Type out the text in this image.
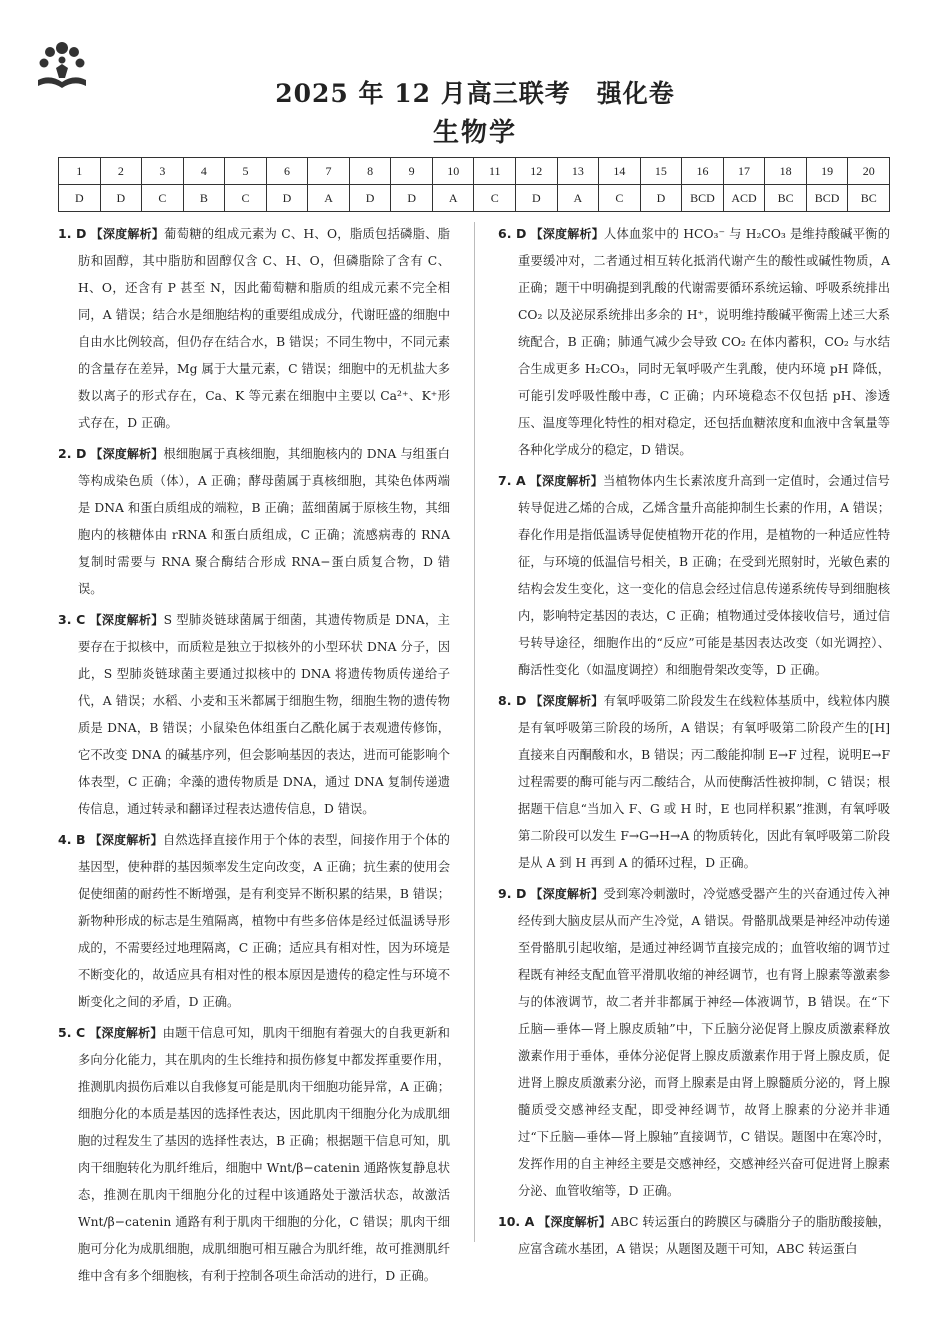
2025 年 12 月高三联考 强化卷
生物学
1	2	3	4	5	6	7	8	9	10	11	12	13	14	15	16	17	18	19	20
D	D	C	B	C	D	A	D	D	A	C	D	A	C	D	BCD	ACD	BC	BCD	BC
1. D 【深度解析】葡萄糖的组成元素为 C、H、O，脂质包括磷脂、脂肪和固醇，其中脂肪和固醇仅含 C、H、O，但磷脂除了含有 C、H、O，还含有 P 甚至 N，因此葡萄糖和脂质的组成元素不完全相同，A 错误；结合水是细胞结构的重要组成成分，代谢旺盛的细胞中自由水比例较高，但仍存在结合水，B 错误；不同生物中，不同元素的含量存在差异，Mg 属于大量元素，C 错误；细胞中的无机盐大多数以离子的形式存在，Ca、K 等元素在细胞中主要以 Ca²⁺、K⁺形式存在，D 正确。
2. D 【深度解析】根细胞属于真核细胞，其细胞核内的 DNA 与组蛋白等构成染色质（体），A 正确；酵母菌属于真核细胞，其染色体两端是 DNA 和蛋白质组成的端粒，B 正确；蓝细菌属于原核生物，其细胞内的核糖体由 rRNA 和蛋白质组成，C 正确；流感病毒的 RNA 复制时需要与 RNA 聚合酶结合形成 RNA−蛋白质复合物，D 错误。
3. C 【深度解析】S 型肺炎链球菌属于细菌，其遗传物质是 DNA，主要存在于拟核中，而质粒是独立于拟核外的小型环状 DNA 分子，因此，S 型肺炎链球菌主要通过拟核中的 DNA 将遗传物质传递给子代，A 错误；水稻、小麦和玉米都属于细胞生物，细胞生物的遗传物质是 DNA，B 错误；小鼠染色体组蛋白乙酰化属于表观遗传修饰，它不改变 DNA 的碱基序列，但会影响基因的表达，进而可能影响个体表型，C 正确；伞藻的遗传物质是 DNA，通过 DNA 复制传递遗传信息，通过转录和翻译过程表达遗传信息，D 错误。
4. B 【深度解析】自然选择直接作用于个体的表型，间接作用于个体的基因型，使种群的基因频率发生定向改变，A 正确；抗生素的使用会促使细菌的耐药性不断增强，是有利变异不断积累的结果，B 错误；新物种形成的标志是生殖隔离，植物中有些多倍体是经过低温诱导形成的，不需要经过地理隔离，C 正确；适应具有相对性，因为环境是不断变化的，故适应具有相对性的根本原因是遗传的稳定性与环境不断变化之间的矛盾，D 正确。
5. C 【深度解析】由题干信息可知，肌肉干细胞有着强大的自我更新和多向分化能力，其在肌肉的生长维持和损伤修复中都发挥重要作用，推测肌肉损伤后难以自我修复可能是肌肉干细胞功能异常，A 正确；细胞分化的本质是基因的选择性表达，因此肌肉干细胞分化为成肌细胞的过程发生了基因的选择性表达，B 正确；根据题干信息可知，肌肉干细胞转化为肌纤维后，细胞中 Wnt/β−catenin 通路恢复静息状态，推测在肌肉干细胞分化的过程中该通路处于激活状态，故激活 Wnt/β−catenin 通路有利于肌肉干细胞的分化，C 错误；肌肉干细胞可分化为成肌细胞，成肌细胞可相互融合为肌纤维，故可推测肌纤维中含有多个细胞核，有利于控制各项生命活动的进行，D 正确。
6. D 【深度解析】人体血浆中的 HCO₃⁻ 与 H₂CO₃ 是维持酸碱平衡的重要缓冲对，二者通过相互转化抵消代谢产生的酸性或碱性物质，A 正确；题干中明确提到乳酸的代谢需要循环系统运输、呼吸系统排出 CO₂ 以及泌尿系统排出多余的 H⁺，说明维持酸碱平衡需上述三大系统配合，B 正确；肺通气减少会导致 CO₂ 在体内蓄积，CO₂ 与水结合生成更多 H₂CO₃，同时无氧呼吸产生乳酸，使内环境 pH 降低，可能引发呼吸性酸中毒，C 正确；内环境稳态不仅包括 pH、渗透压、温度等理化特性的相对稳定，还包括血糖浓度和血液中含氧量等各种化学成分的稳定，D 错误。
7. A 【深度解析】当植物体内生长素浓度升高到一定值时，会通过信号转导促进乙烯的合成，乙烯含量升高能抑制生长素的作用，A 错误；春化作用是指低温诱导促使植物开花的作用，是植物的一种适应性特征，与环境的低温信号相关，B 正确；在受到光照射时，光敏色素的结构会发生变化，这一变化的信息会经过信息传递系统传导到细胞核内，影响特定基因的表达，C 正确；植物通过受体接收信号，通过信号转导途径，细胞作出的“反应”可能是基因表达改变（如光调控）、酶活性变化（如温度调控）和细胞骨架改变等，D 正确。
8. D 【深度解析】有氧呼吸第二阶段发生在线粒体基质中，线粒体内膜是有氧呼吸第三阶段的场所，A 错误；有氧呼吸第二阶段产生的[H]直接来自丙酮酸和水，B 错误；丙二酸能抑制 E→F 过程，说明E→F 过程需要的酶可能与丙二酸结合，从而使酶活性被抑制，C 错误；根据题干信息“当加入 F、G 或 H 时，E 也同样积累”推测，有氧呼吸第二阶段可以发生 F→G→H→A 的物质转化，因此有氧呼吸第二阶段是从 A 到 H 再到 A 的循环过程，D 正确。
9. D 【深度解析】受到寒冷刺激时，冷觉感受器产生的兴奋通过传入神经传到大脑皮层从而产生冷觉，A 错误。骨骼肌战栗是神经冲动传递至骨骼肌引起收缩，是通过神经调节直接完成的；血管收缩的调节过程既有神经支配血管平滑肌收缩的神经调节，也有肾上腺素等激素参与的体液调节，故二者并非都属于神经—体液调节，B 错误。在“下丘脑—垂体—肾上腺皮质轴”中，下丘脑分泌促肾上腺皮质激素释放激素作用于垂体，垂体分泌促肾上腺皮质激素作用于肾上腺皮质，促进肾上腺皮质激素分泌，而肾上腺素是由肾上腺髓质分泌的，肾上腺髓质受交感神经支配，即受神经调节，故肾上腺素的分泌并非通过“下丘脑—垂体—肾上腺轴”直接调节，C 错误。题图中在寒冷时，发挥作用的自主神经主要是交感神经，交感神经兴奋可促进肾上腺素分泌、血管收缩等，D 正确。
10. A 【深度解析】ABC 转运蛋白的跨膜区与磷脂分子的脂肪酸接触，应富含疏水基团，A 错误；从题图及题干可知，ABC 转运蛋白
